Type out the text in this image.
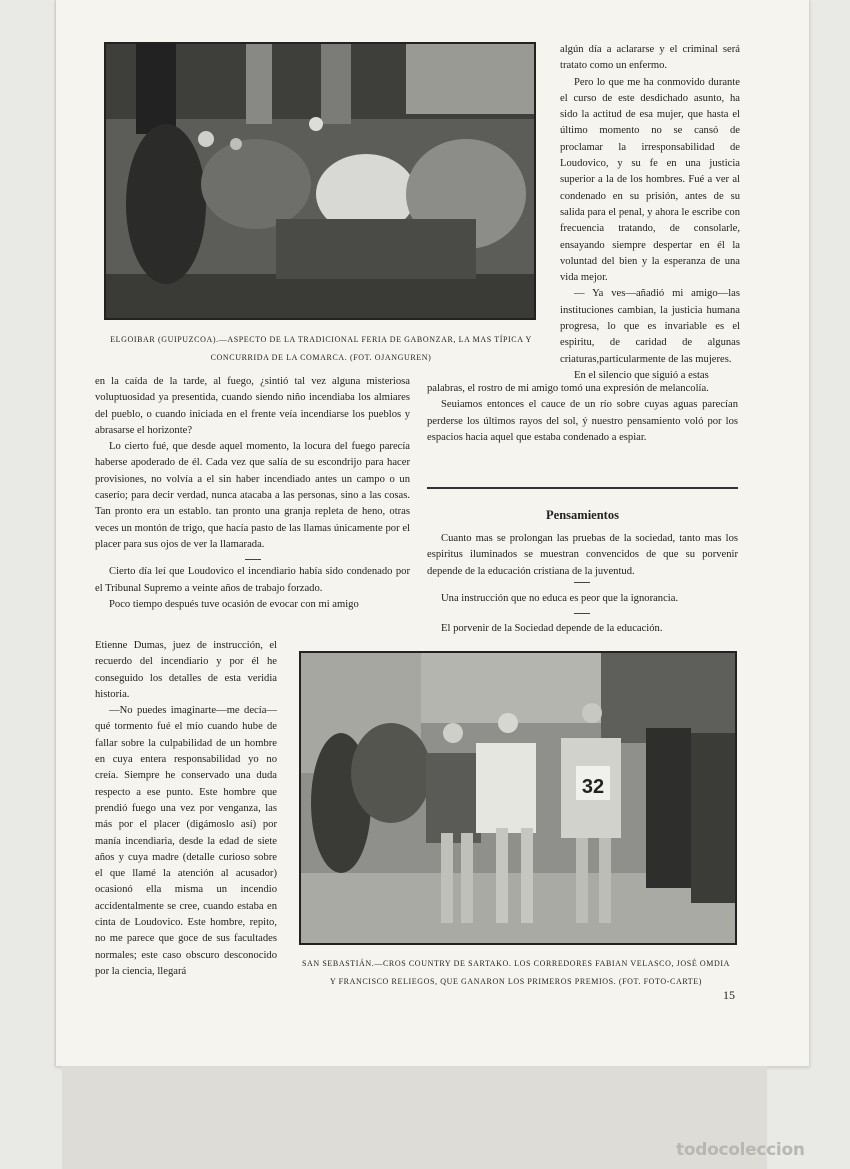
ELGOIBAR (GUIPUZCOA).—ASPECTO DE LA TRADICIONAL FERIA DE GABONZAR, LA MAS TÍPICA Y
CONCURRIDA DE LA COMARCA. (FOT. OJANGUREN)

algún día a aclararse y el criminal será tratato como un enfermo.

Pero lo que me ha conmovido durante el curso de este desdichado asunto, ha sido la actitud de esa mujer, que hasta el último momento no se cansó de proclamar la irresponsabilidad de Loudovico, y su fe en una justicia superior a la de los hombres. Fué a ver al condenado en su prisión, antes de su salida para el penal, y ahora le escribe con frecuencia tratando, de consolarle, ensayando siempre despertar en él la voluntad del bien y la esperanza de una vida mejor.

— Ya ves—añadió mi amigo—las instituciones cambian, la justicia humana progresa, lo que es invariable es el espiritu, de caridad de algunas criaturas,particularmente de las mujeres.

En el silencio que siguió a estas

palabras, el rostro de mi amigo tomó una expresión de melancolía.

Seuiamos entonces el cauce de un río sobre cuyas aguas parecían perderse los últimos rayos del sol, ý nuestro pensamiento voló por los espacios hacia aquel que estaba condenado a espiar.

Pensamientos

Cuanto mas se prolongan las pruebas de la sociedad, tanto mas los espiritus iluminados se muestran convencidos de que su porvenir depende de la educación cristiana de la juventud.

Una instrucción que no educa es peor que la ignorancia.

El porvenir de la Sociedad depende de la educación.

en la caída de la tarde, al fuego, ¿sintió tal vez alguna misteriosa voluptuosidad ya presentida, cuando siendo niño incendiaba los almiares del pueblo, o cuando iniciada en el frente veía incendiarse los pueblos y abrasarse el horizonte?

Lo cierto fué, que desde aquel momento, la locura del fuego parecía haberse apoderado de él. Cada vez que salía de su escondrijo para hacer provisiones, no volvía a el sin haber incendiado antes un campo o un caserío; para decir verdad, nunca atacaba a las personas, sino a las cosas. Tan pronto era un establo. tan pronto una granja repleta de heno, otras veces un montón de trigo, que hacía pasto de las llamas únicamente por el placer para sus ojos de ver la llamarada.

Cierto día leí que Loudovico el incendiario había sido condenado por el Tribunal Supremo a veinte años de trabajo forzado.

Poco tiempo después tuve ocasión de evocar con mi amigo

Etienne Dumas, juez de instrucción, el recuerdo del incendiario y por él he conseguido los detalles de esta veridia historia.

—No puedes imaginarte—me decía—qué tormento fué el mío cuando hube de fallar sobre la culpabilidad de un hombre en cuya entera responsabilidad yo no creía. Siempre he conservado una duda respecto a ese punto. Este hombre que prendió fuego una vez por venganza, las más por el placer (digámoslo así) por manía incendiaria, desde la edad de siete años y cuya madre (detalle curioso sobre el que llamé la atención al acusador) ocasionó ella misma un incendio accidentalmente se cree, cuando estaba en cinta de Loudovico. Este hombre, repito, no me parece que goce de sus facultades normales; este caso obscuro desconocido por la ciencia, llegará

32
SAN SEBASTIÁN.—CROS COUNTRY DE SARTAKO. LOS CORREDORES FABIAN VELASCO, JOSÉ OMDIA
Y FRANCISCO RELIEGOS, QUE GANARON LOS PRIMEROS PREMIOS. (FOT. FOTO-CARTE)
15
todocoleccion
